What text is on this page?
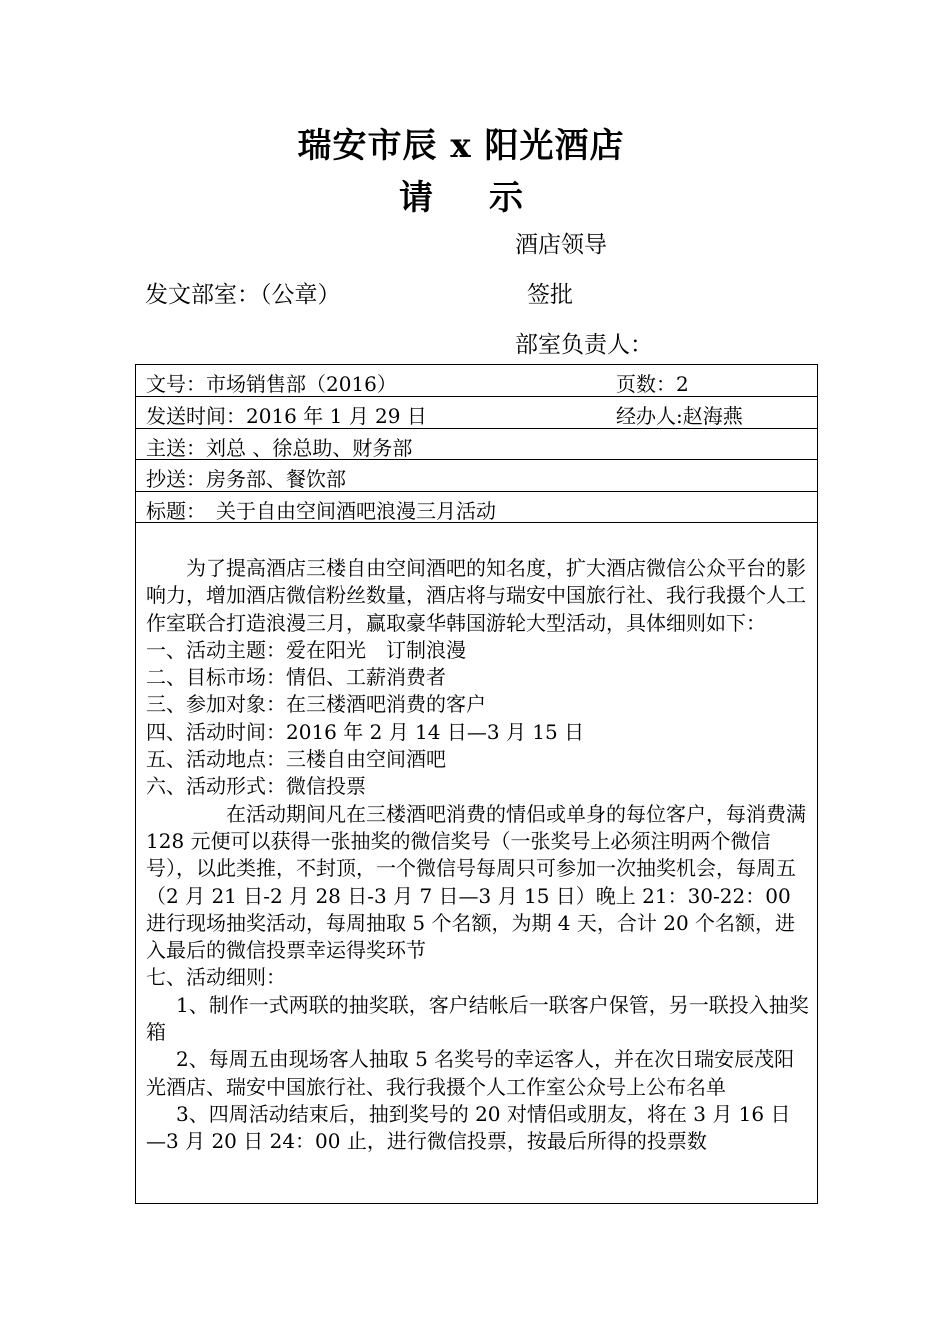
瑞安市辰 x 阳光酒店
请 示
酒店领导
发文部室：（公章）	签批
部室负责人：
文号：市场销售部（2016）	页数：2
发送时间：2016 年 1 月 29 日	经办人:赵海燕
主送：刘总 、徐总助、财务部
抄送：房务部、餐饮部
标题：　关于自由空间酒吧浪漫三月活动

为了提高酒店三楼自由空间酒吧的知名度，扩大酒店微信公众平台的影响力，增加酒店微信粉丝数量，酒店将与瑞安中国旅行社、我行我摄个人工作室联合打造浪漫三月，赢取豪华韩国游轮大型活动，具体细则如下：

一、活动主题：爱在阳光　订制浪漫

二、目标市场：情侣、工薪消费者

三、参加对象：在三楼酒吧消费的客户

四、活动时间：2016 年 2 月 14 日—3 月 15 日

五、活动地点：三楼自由空间酒吧

六、活动形式：微信投票

在活动期间凡在三楼酒吧消费的情侣或单身的每位客户，每消费满 128 元便可以获得一张抽奖的微信奖号（一张奖号上必须注明两个微信号），以此类推，不封顶，一个微信号每周只可参加一次抽奖机会，每周五（2 月 21 日-2 月 28 日-3 月 7 日—3 月 15 日）晚上 21：30-22：00 进行现场抽奖活动，每周抽取 5 个名额，为期 4 天，合计 20 个名额，进入最后的微信投票幸运得奖环节

七、活动细则：

1、制作一式两联的抽奖联，客户结帐后一联客户保管，另一联投入抽奖箱

2、每周五由现场客人抽取 5 名奖号的幸运客人，并在次日瑞安辰茂阳光酒店、瑞安中国旅行社、我行我摄个人工作室公众号上公布名单

3、四周活动结束后，抽到奖号的 20 对情侣或朋友，将在 3 月 16 日—3 月 20 日 24：00 止，进行微信投票，按最后所得的投票数
